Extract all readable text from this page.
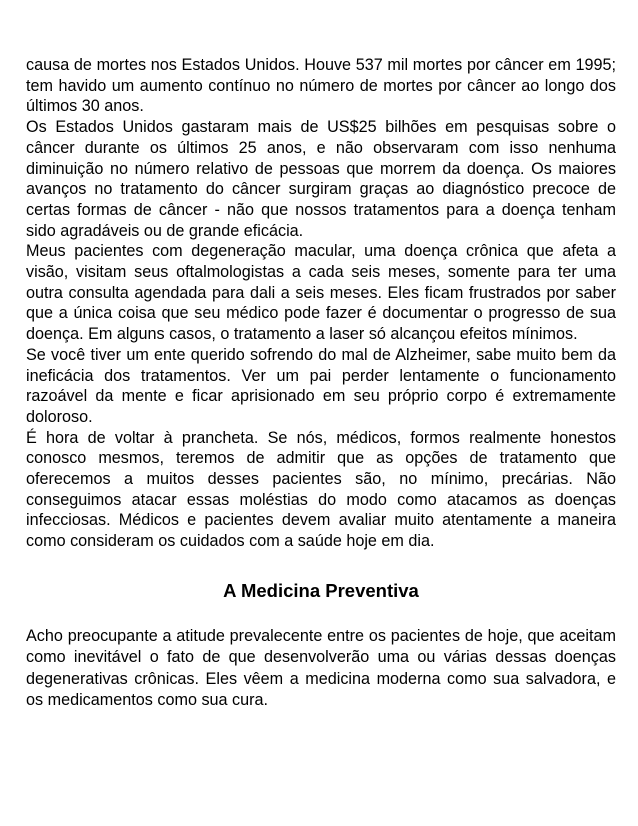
causa de mortes nos Estados Unidos. Houve 537 mil mortes por câncer em 1995; tem havido um aumento contínuo no número de mortes por câncer ao longo dos últimos 30 anos.

Os Estados Unidos gastaram mais de US$25 bilhões em pesquisas sobre o câncer durante os últimos 25 anos, e não observaram com isso nenhuma diminuição no número relativo de pessoas que morrem da doença. Os maiores avanços no tratamento do câncer surgiram graças ao diagnóstico precoce de certas formas de câncer - não que nossos tratamentos para a doença tenham sido agradáveis ou de grande eficácia.

Meus pacientes com degeneração macular, uma doença crônica que afeta a visão, visitam seus oftalmologistas a cada seis meses, somente para ter uma outra consulta agendada para dali a seis meses. Eles ficam frustrados por saber que a única coisa que seu médico pode fazer é documentar o progresso de sua doença. Em alguns casos, o tratamento a laser só alcançou efeitos mínimos.

Se você tiver um ente querido sofrendo do mal de Alzheimer, sabe muito bem da ineficácia dos tratamentos. Ver um pai perder lentamente o funcionamento razoável da mente e ficar aprisionado em seu próprio corpo é extremamente doloroso.

É hora de voltar à prancheta. Se nós, médicos, formos realmente honestos conosco mesmos, teremos de admitir que as opções de tratamento que oferecemos a muitos desses pacientes são, no mínimo, precárias. Não conseguimos atacar essas moléstias do modo como atacamos as doenças infecciosas. Médicos e pacientes devem avaliar muito atentamente a maneira como consideram os cuidados com a saúde hoje em dia.

A Medicina Preventiva

Acho preocupante a atitude prevalecente entre os pacientes de hoje, que aceitam como inevitável o fato de que desenvolverão uma ou várias dessas doenças degenerativas crônicas. Eles vêem a medicina moderna como sua salvadora, e os medicamentos como sua cura.
